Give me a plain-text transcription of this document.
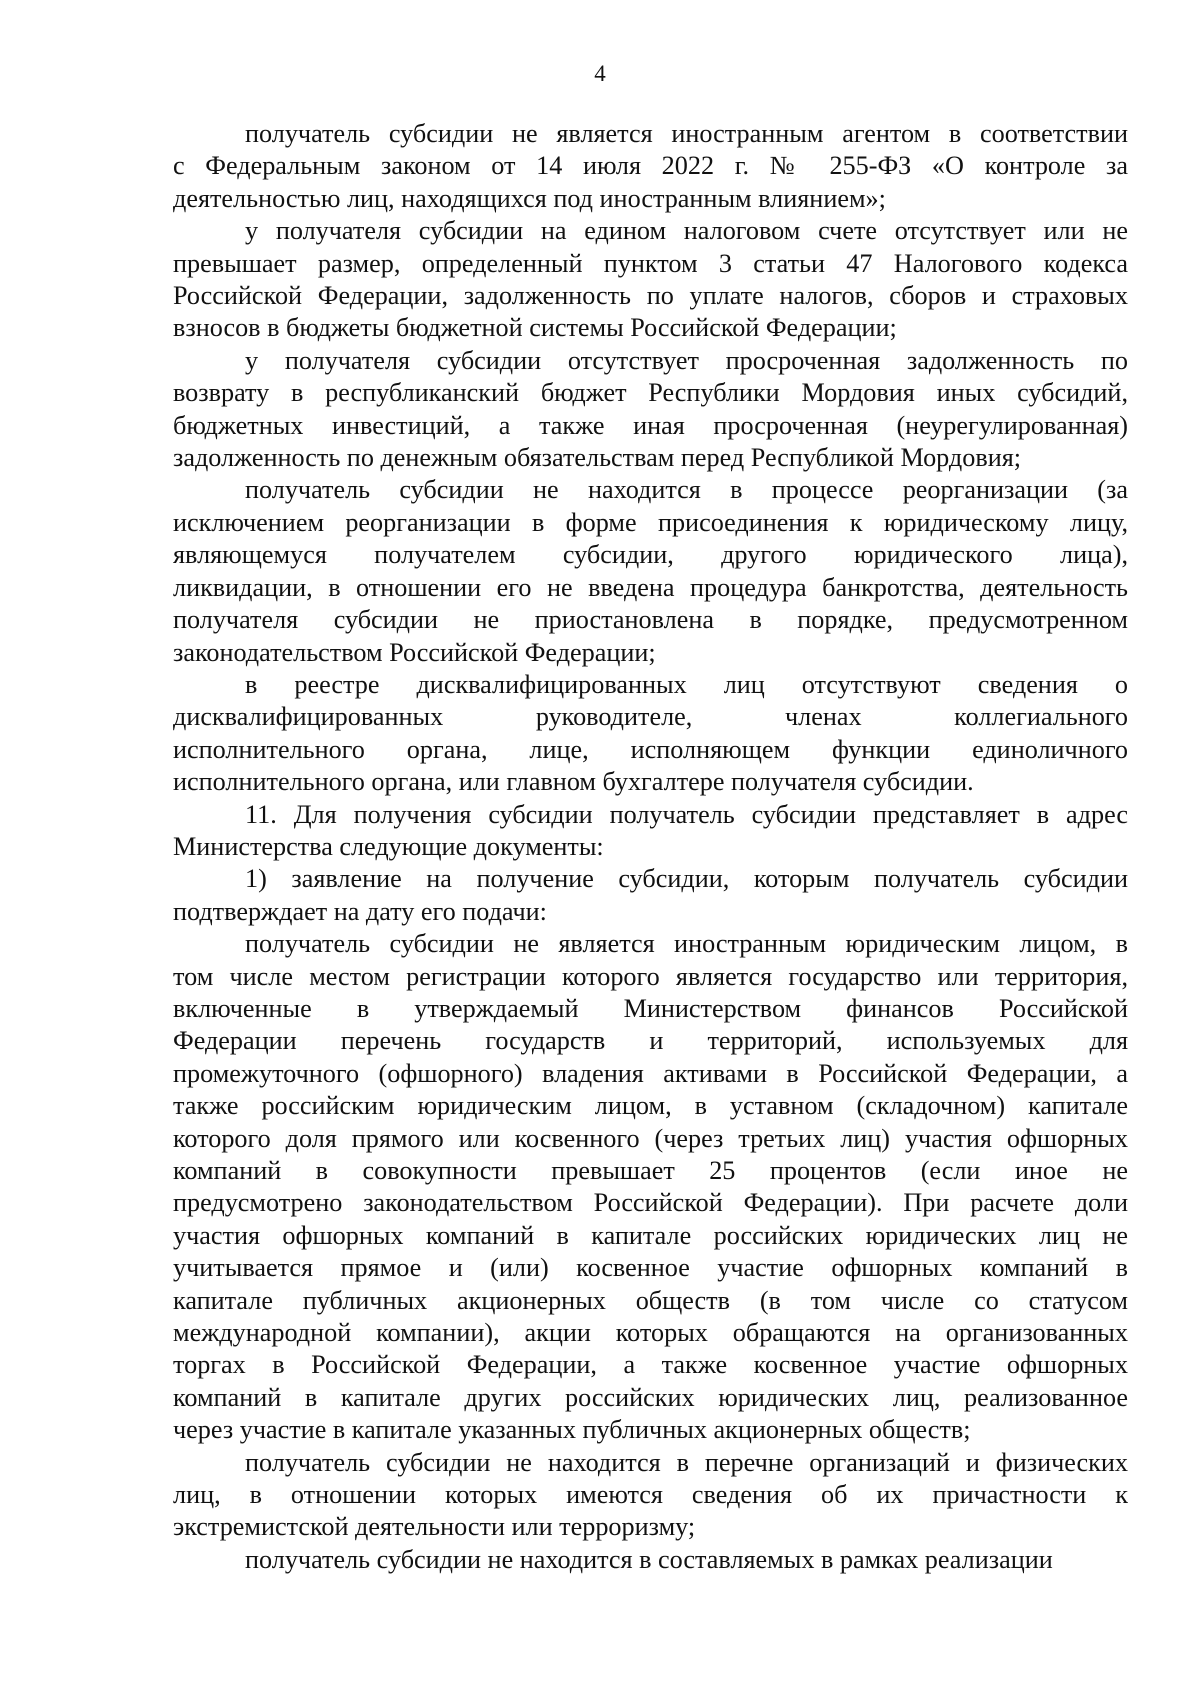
4
получатель субсидии не является иностранным агентом в соответствии
с Федеральным законом от 14 июля 2022 г. № 255-ФЗ «О контроле за
деятельностью лиц, находящихся под иностранным влиянием»;
у получателя субсидии на едином налоговом счете отсутствует или не
превышает размер, определенный пунктом 3 статьи 47 Налогового кодекса
Российской Федерации, задолженность по уплате налогов, сборов и страховых
взносов в бюджеты бюджетной системы Российской Федерации;
у получателя субсидии отсутствует просроченная задолженность по
возврату в республиканский бюджет Республики Мордовия иных субсидий,
бюджетных инвестиций, а также иная просроченная (неурегулированная)
задолженность по денежным обязательствам перед Республикой Мордовия;
получатель субсидии не находится в процессе реорганизации (за
исключением реорганизации в форме присоединения к юридическому лицу,
являющемуся получателем субсидии, другого юридического лица),
ликвидации, в отношении его не введена процедура банкротства, деятельность
получателя субсидии не приостановлена в порядке, предусмотренном
законодательством Российской Федерации;
в реестре дисквалифицированных лиц отсутствуют сведения о
дисквалифицированных руководителе, членах коллегиального
исполнительного органа, лице, исполняющем функции единоличного
исполнительного органа, или главном бухгалтере получателя субсидии.
11. Для получения субсидии получатель субсидии представляет в адрес
Министерства следующие документы:
1) заявление на получение субсидии, которым получатель субсидии
подтверждает на дату его подачи:
получатель субсидии не является иностранным юридическим лицом, в
том числе местом регистрации которого является государство или территория,
включенные в утверждаемый Министерством финансов Российской
Федерации перечень государств и территорий, используемых для
промежуточного (офшорного) владения активами в Российской Федерации, а
также российским юридическим лицом, в уставном (складочном) капитале
которого доля прямого или косвенного (через третьих лиц) участия офшорных
компаний в совокупности превышает 25 процентов (если иное не
предусмотрено законодательством Российской Федерации). При расчете доли
участия офшорных компаний в капитале российских юридических лиц не
учитывается прямое и (или) косвенное участие офшорных компаний в
капитале публичных акционерных обществ (в том числе со статусом
международной компании), акции которых обращаются на организованных
торгах в Российской Федерации, а также косвенное участие офшорных
компаний в капитале других российских юридических лиц, реализованное
через участие в капитале указанных публичных акционерных обществ;
получатель субсидии не находится в перечне организаций и физических
лиц, в отношении которых имеются сведения об их причастности к
экстремистской деятельности или терроризму;
получатель субсидии не находится в составляемых в рамках реализации
